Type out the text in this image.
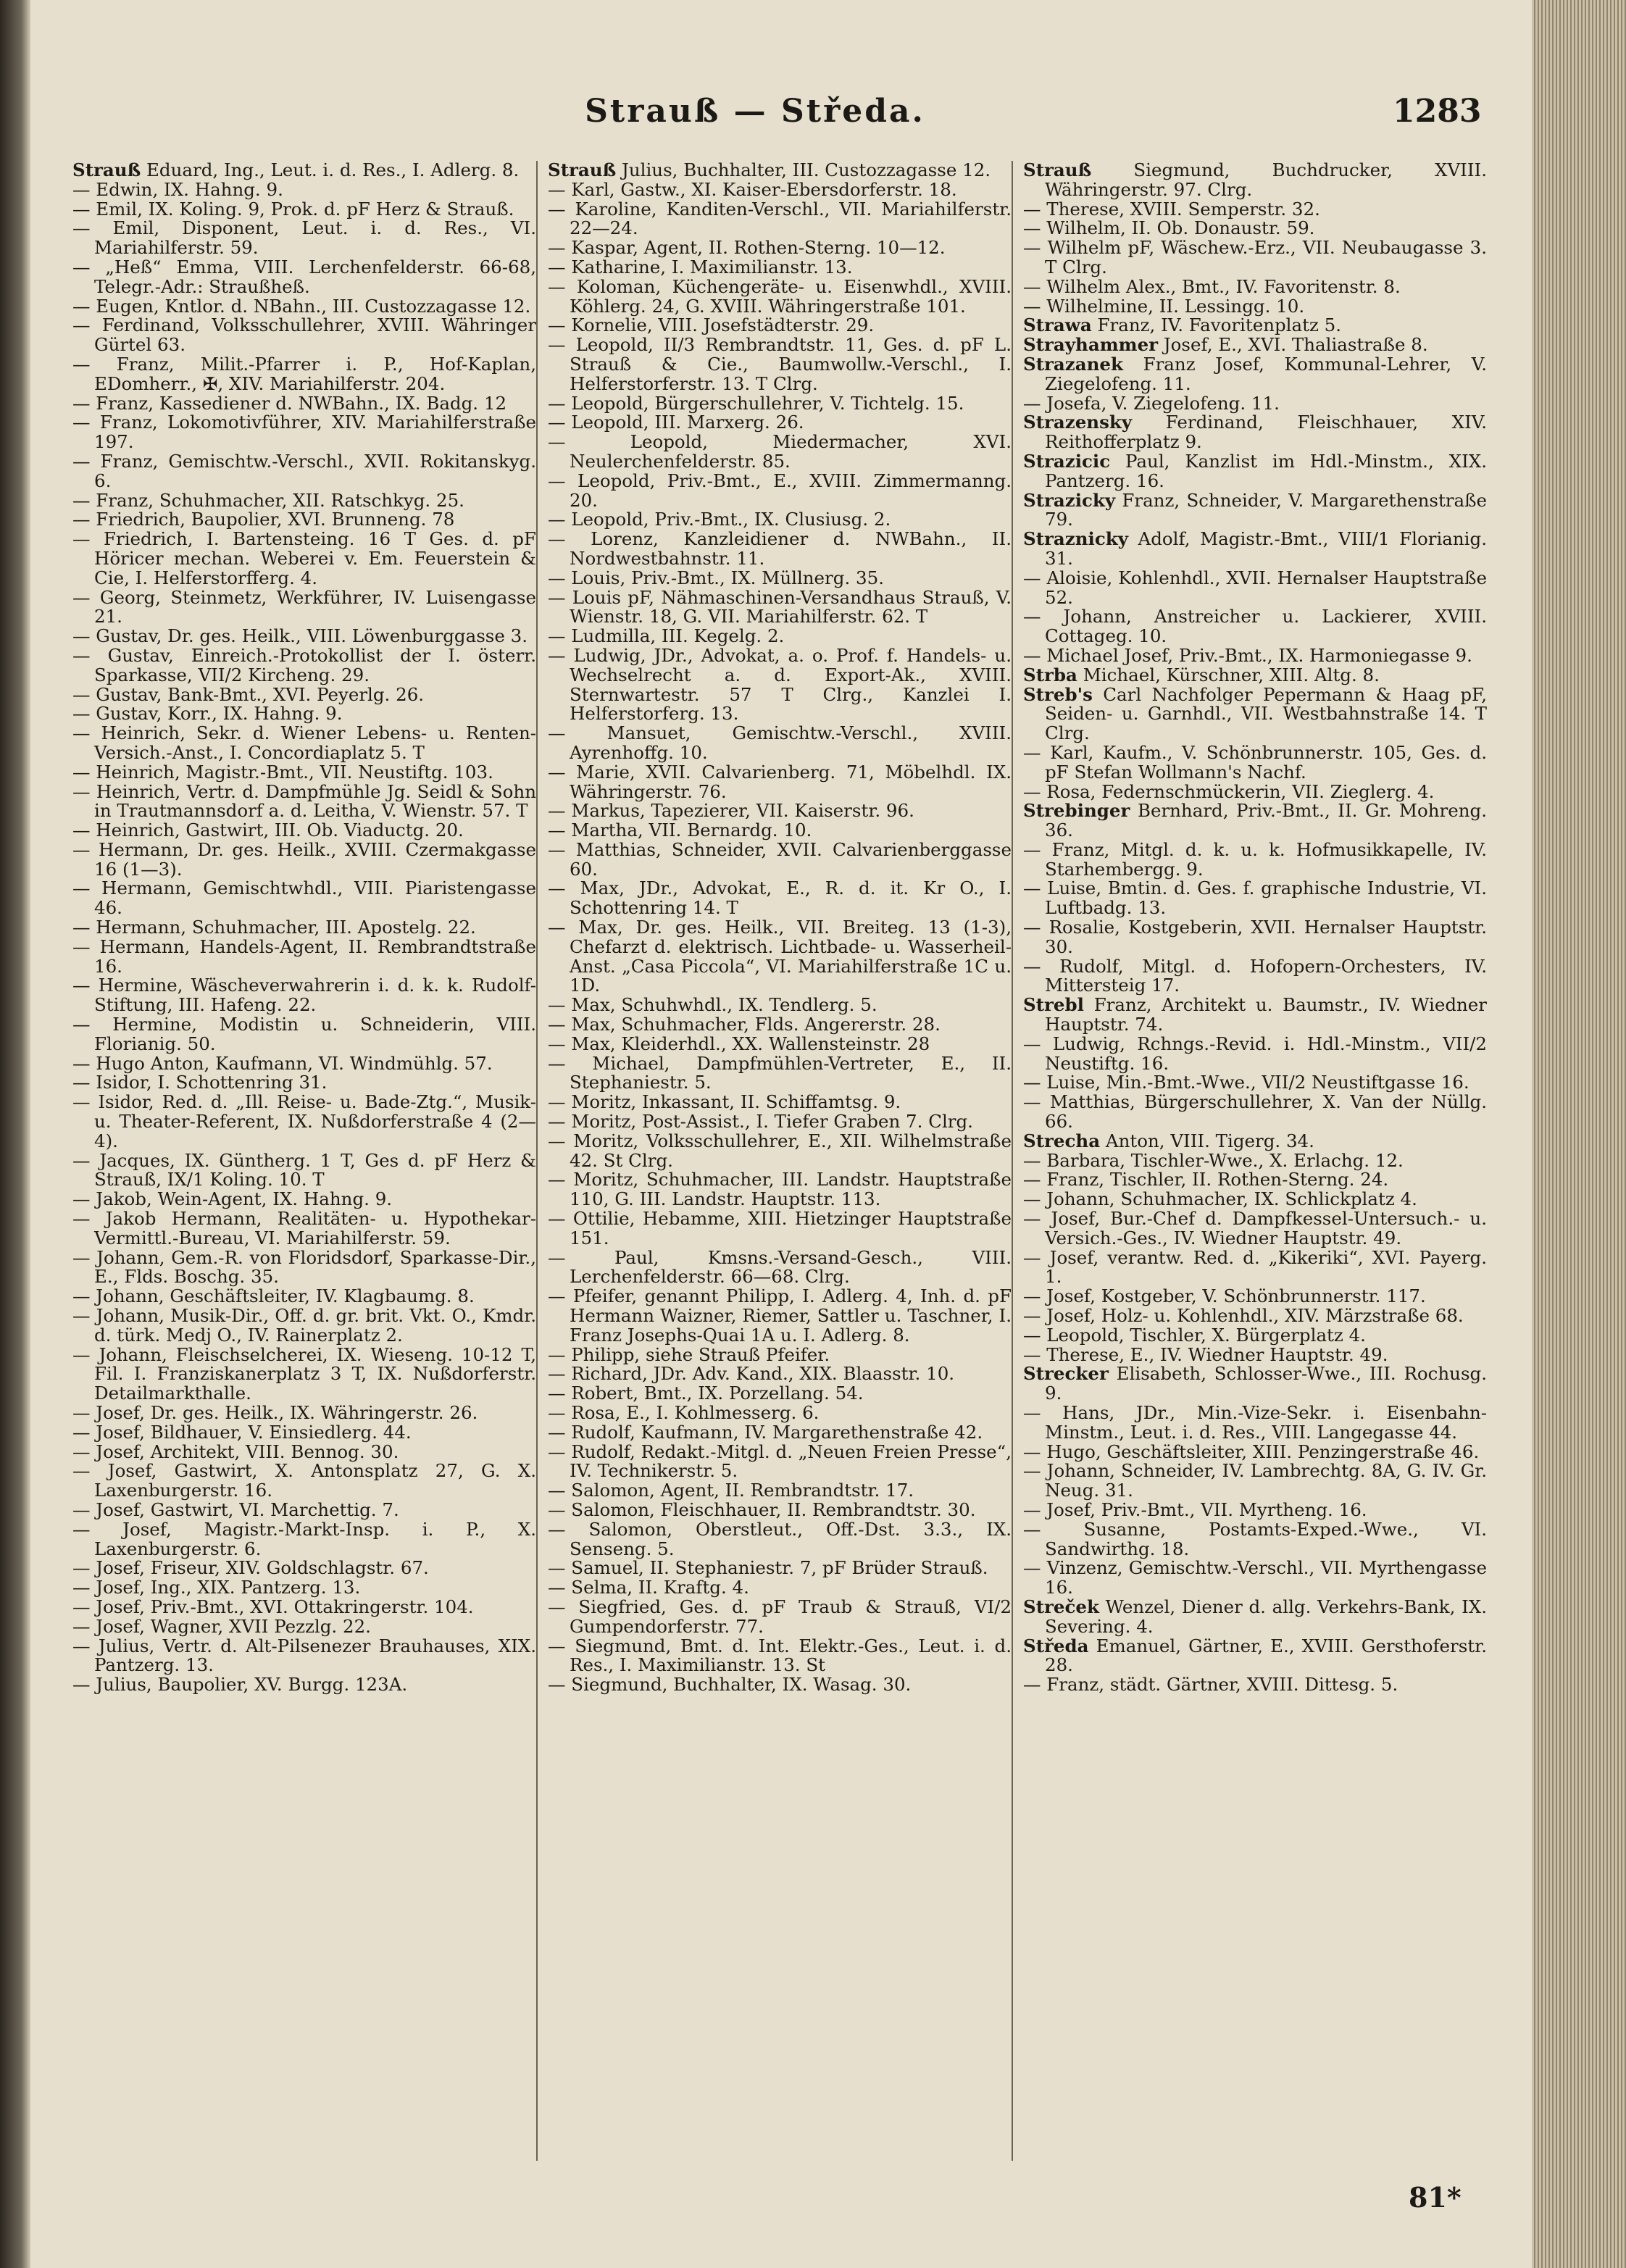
Strauß — Středa.	1283

Strauß Eduard, Ing., Leut. i. d. Res., I. Adlerg. 8.

— Edwin, IX. Hahng. 9.

— Emil, IX. Koling. 9, Prok. d. pF Herz & Strauß.

— Emil, Disponent, Leut. i. d. Res., VI. Mariahilferstr. 59.

— „Heß“ Emma, VIII. Lerchenfelderstr. 66-68, Telegr.-Adr.: Straußheß.

— Eugen, Kntlor. d. NBahn., III. Custozzagasse 12.

— Ferdinand, Volksschullehrer, XVIII. Währinger Gürtel 63.

— Franz, Milit.-Pfarrer i. P., Hof-Kaplan, EDomherr., ✠, XIV. Mariahilferstr. 204.

— Franz, Kassediener d. NWBahn., IX. Badg. 12

— Franz, Lokomotivführer, XIV. Mariahilferstraße 197.

— Franz, Gemischtw.-Verschl., XVII. Rokitanskyg. 6.

— Franz, Schuhmacher, XII. Ratschkyg. 25.

— Friedrich, Baupolier, XVI. Brunneng. 78

— Friedrich, I. Bartensteing. 16 T Ges. d. pF Höricer mechan. Weberei v. Em. Feuerstein & Cie, I. Helferstorfferg. 4.

— Georg, Steinmetz, Werkführer, IV. Luisengasse 21.

— Gustav, Dr. ges. Heilk., VIII. Löwenburggasse 3.

— Gustav, Einreich.-Protokollist der I. österr. Sparkasse, VII/2 Kircheng. 29.

— Gustav, Bank-Bmt., XVI. Peyerlg. 26.

— Gustav, Korr., IX. Hahng. 9.

— Heinrich, Sekr. d. Wiener Lebens- u. Renten-Versich.-Anst., I. Concordiaplatz 5. T

— Heinrich, Magistr.-Bmt., VII. Neustiftg. 103.

— Heinrich, Vertr. d. Dampfmühle Jg. Seidl & Sohn in Trautmannsdorf a. d. Leitha, V. Wienstr. 57. T

— Heinrich, Gastwirt, III. Ob. Viaductg. 20.

— Hermann, Dr. ges. Heilk., XVIII. Czermakgasse 16 (1—3).

— Hermann, Gemischtwhdl., VIII. Piaristengasse 46.

— Hermann, Schuhmacher, III. Apostelg. 22.

— Hermann, Handels-Agent, II. Rembrandtstraße 16.

— Hermine, Wäscheverwahrerin i. d. k. k. Rudolf-Stiftung, III. Hafeng. 22.

— Hermine, Modistin u. Schneiderin, VIII. Florianig. 50.

— Hugo Anton, Kaufmann, VI. Windmühlg. 57.

— Isidor, I. Schottenring 31.

— Isidor, Red. d. „Ill. Reise- u. Bade-Ztg.“, Musik- u. Theater-Referent, IX. Nußdorferstraße 4 (2—4).

— Jacques, IX. Güntherg. 1 T, Ges d. pF Herz & Strauß, IX/1 Koling. 10. T

— Jakob, Wein-Agent, IX. Hahng. 9.

— Jakob Hermann, Realitäten- u. Hypothekar-Vermittl.-Bureau, VI. Mariahilferstr. 59.

— Johann, Gem.-R. von Floridsdorf, Sparkasse-Dir., E., Flds. Boschg. 35.

— Johann, Geschäftsleiter, IV. Klagbaumg. 8.

— Johann, Musik-Dir., Off. d. gr. brit. Vkt. O., Kmdr. d. türk. Medj O., IV. Rainerplatz 2.

— Johann, Fleischselcherei, IX. Wieseng. 10-12 T, Fil. I. Franziskanerplatz 3 T, IX. Nußdorferstr. Detailmarkthalle.

— Josef, Dr. ges. Heilk., IX. Währingerstr. 26.

— Josef, Bildhauer, V. Einsiedlerg. 44.

— Josef, Architekt, VIII. Bennog. 30.

— Josef, Gastwirt, X. Antonsplatz 27, G. X. Laxenburgerstr. 16.

— Josef, Gastwirt, VI. Marchettig. 7.

— Josef, Magistr.-Markt-Insp. i. P., X. Laxenburgerstr. 6.

— Josef, Friseur, XIV. Goldschlagstr. 67.

— Josef, Ing., XIX. Pantzerg. 13.

— Josef, Priv.-Bmt., XVI. Ottakringerstr. 104.

— Josef, Wagner, XVII Pezzlg. 22.

— Julius, Vertr. d. Alt-Pilsenezer Brauhauses, XIX. Pantzerg. 13.

— Julius, Baupolier, XV. Burgg. 123A.

Strauß Julius, Buchhalter, III. Custozzagasse 12.

— Karl, Gastw., XI. Kaiser-Ebersdorferstr. 18.

— Karoline, Kanditen-Verschl., VII. Mariahilferstr. 22—24.

— Kaspar, Agent, II. Rothen-Sterng. 10—12.

— Katharine, I. Maximilianstr. 13.

— Koloman, Küchengeräte- u. Eisenwhdl., XVIII. Köhlerg. 24, G. XVIII. Währingerstraße 101.

— Kornelie, VIII. Josefstädterstr. 29.

— Leopold, II/3 Rembrandtstr. 11, Ges. d. pF L. Strauß & Cie., Baumwollw.-Verschl., I. Helferstorferstr. 13. T Clrg.

— Leopold, Bürgerschullehrer, V. Tichtelg. 15.

— Leopold, III. Marxerg. 26.

— Leopold, Miedermacher, XVI. Neulerchenfelderstr. 85.

— Leopold, Priv.-Bmt., E., XVIII. Zimmermanng. 20.

— Leopold, Priv.-Bmt., IX. Clusiusg. 2.

— Lorenz, Kanzleidiener d. NWBahn., II. Nordwestbahnstr. 11.

— Louis, Priv.-Bmt., IX. Müllnerg. 35.

— Louis pF, Nähmaschinen-Versandhaus Strauß, V. Wienstr. 18, G. VII. Mariahilferstr. 62. T

— Ludmilla, III. Kegelg. 2.

— Ludwig, JDr., Advokat, a. o. Prof. f. Handels- u. Wechselrecht a. d. Export-Ak., XVIII. Sternwartestr. 57 T Clrg., Kanzlei I. Helferstorferg. 13.

— Mansuet, Gemischtw.-Verschl., XVIII. Ayrenhoffg. 10.

— Marie, XVII. Calvarienberg. 71, Möbelhdl. IX. Währingerstr. 76.

— Markus, Tapezierer, VII. Kaiserstr. 96.

— Martha, VII. Bernardg. 10.

— Matthias, Schneider, XVII. Calvarienberggasse 60.

— Max, JDr., Advokat, E., R. d. it. Kr O., I. Schottenring 14. T

— Max, Dr. ges. Heilk., VII. Breiteg. 13 (1-3), Chefarzt d. elektrisch. Lichtbade- u. Wasserheil-Anst. „Casa Piccola“, VI. Mariahilferstraße 1C u. 1D.

— Max, Schuhwhdl., IX. Tendlerg. 5.

— Max, Schuhmacher, Flds. Angererstr. 28.

— Max, Kleiderhdl., XX. Wallensteinstr. 28

— Michael, Dampfmühlen-Vertreter, E., II. Stephaniestr. 5.

— Moritz, Inkassant, II. Schiffamtsg. 9.

— Moritz, Post-Assist., I. Tiefer Graben 7. Clrg.

— Moritz, Volksschullehrer, E., XII. Wilhelmstraße 42. St Clrg.

— Moritz, Schuhmacher, III. Landstr. Hauptstraße 110, G. III. Landstr. Hauptstr. 113.

— Ottilie, Hebamme, XIII. Hietzinger Hauptstraße 151.

— Paul, Kmsns.-Versand-Gesch., VIII. Lerchenfelderstr. 66—68. Clrg.

— Pfeifer, genannt Philipp, I. Adlerg. 4, Inh. d. pF Hermann Waizner, Riemer, Sattler u. Taschner, I. Franz Josephs-Quai 1A u. I. Adlerg. 8.

— Philipp, siehe Strauß Pfeifer.

— Richard, JDr. Adv. Kand., XIX. Blaasstr. 10.

— Robert, Bmt., IX. Porzellang. 54.

— Rosa, E., I. Kohlmesserg. 6.

— Rudolf, Kaufmann, IV. Margarethenstraße 42.

— Rudolf, Redakt.-Mitgl. d. „Neuen Freien Presse“, IV. Technikerstr. 5.

— Salomon, Agent, II. Rembrandtstr. 17.

— Salomon, Fleischhauer, II. Rembrandtstr. 30.

— Salomon, Oberstleut., Off.-Dst. 3.3., IX. Senseng. 5.

— Samuel, II. Stephaniestr. 7, pF Brüder Strauß.

— Selma, II. Kraftg. 4.

— Siegfried, Ges. d. pF Traub & Strauß, VI/2 Gumpendorferstr. 77.

— Siegmund, Bmt. d. Int. Elektr.-Ges., Leut. i. d. Res., I. Maximilianstr. 13. St

— Siegmund, Buchhalter, IX. Wasag. 30.

Strauß Siegmund, Buchdrucker, XVIII. Währingerstr. 97. Clrg.

— Therese, XVIII. Semperstr. 32.

— Wilhelm, II. Ob. Donaustr. 59.

— Wilhelm pF, Wäschew.-Erz., VII. Neubaugasse 3. T Clrg.

— Wilhelm Alex., Bmt., IV. Favoritenstr. 8.

— Wilhelmine, II. Lessingg. 10.

Strawa Franz, IV. Favoritenplatz 5.

Strayhammer Josef, E., XVI. Thaliastraße 8.

Strazanek Franz Josef, Kommunal-Lehrer, V. Ziegelofeng. 11.

— Josefa, V. Ziegelofeng. 11.

Strazensky Ferdinand, Fleischhauer, XIV. Reithofferplatz 9.

Strazicic Paul, Kanzlist im Hdl.-Minstm., XIX. Pantzerg. 16.

Strazicky Franz, Schneider, V. Margarethenstraße 79.

Straznicky Adolf, Magistr.-Bmt., VIII/1 Florianig. 31.

— Aloisie, Kohlenhdl., XVII. Hernalser Hauptstraße 52.

— Johann, Anstreicher u. Lackierer, XVIII. Cottageg. 10.

— Michael Josef, Priv.-Bmt., IX. Harmoniegasse 9.

Strba Michael, Kürschner, XIII. Altg. 8.

Streb's Carl Nachfolger Pepermann & Haag pF, Seiden- u. Garnhdl., VII. Westbahnstraße 14. T Clrg.

— Karl, Kaufm., V. Schönbrunnerstr. 105, Ges. d. pF Stefan Wollmann's Nachf.

— Rosa, Federnschmückerin, VII. Zieglerg. 4.

Strebinger Bernhard, Priv.-Bmt., II. Gr. Mohreng. 36.

— Franz, Mitgl. d. k. u. k. Hofmusikkapelle, IV. Starhembergg. 9.

— Luise, Bmtin. d. Ges. f. graphische Industrie, VI. Luftbadg. 13.

— Rosalie, Kostgeberin, XVII. Hernalser Hauptstr. 30.

— Rudolf, Mitgl. d. Hofopern-Orchesters, IV. Mittersteig 17.

Strebl Franz, Architekt u. Baumstr., IV. Wiedner Hauptstr. 74.

— Ludwig, Rchngs.-Revid. i. Hdl.-Minstm., VII/2 Neustiftg. 16.

— Luise, Min.-Bmt.-Wwe., VII/2 Neustiftgasse 16.

— Matthias, Bürgerschullehrer, X. Van der Nüllg. 66.

Strecha Anton, VIII. Tigerg. 34.

— Barbara, Tischler-Wwe., X. Erlachg. 12.

— Franz, Tischler, II. Rothen-Sterng. 24.

— Johann, Schuhmacher, IX. Schlickplatz 4.

— Josef, Bur.-Chef d. Dampfkessel-Untersuch.- u. Versich.-Ges., IV. Wiedner Hauptstr. 49.

— Josef, verantw. Red. d. „Kikeriki“, XVI. Payerg. 1.

— Josef, Kostgeber, V. Schönbrunnerstr. 117.

— Josef, Holz- u. Kohlenhdl., XIV. Märzstraße 68.

— Leopold, Tischler, X. Bürgerplatz 4.

— Therese, E., IV. Wiedner Hauptstr. 49.

Strecker Elisabeth, Schlosser-Wwe., III. Rochusg. 9.

— Hans, JDr., Min.-Vize-Sekr. i. Eisenbahn-Minstm., Leut. i. d. Res., VIII. Langegasse 44.

— Hugo, Geschäftsleiter, XIII. Penzingerstraße 46.

— Johann, Schneider, IV. Lambrechtg. 8A, G. IV. Gr. Neug. 31.

— Josef, Priv.-Bmt., VII. Myrtheng. 16.

— Susanne, Postamts-Exped.-Wwe., VI. Sandwirthg. 18.

— Vinzenz, Gemischtw.-Verschl., VII. Myrthengasse 16.

Streček Wenzel, Diener d. allg. Verkehrs-Bank, IX. Severing. 4.

Středa Emanuel, Gärtner, E., XVIII. Gersthoferstr. 28.

— Franz, städt. Gärtner, XVIII. Dittesg. 5.

81*
